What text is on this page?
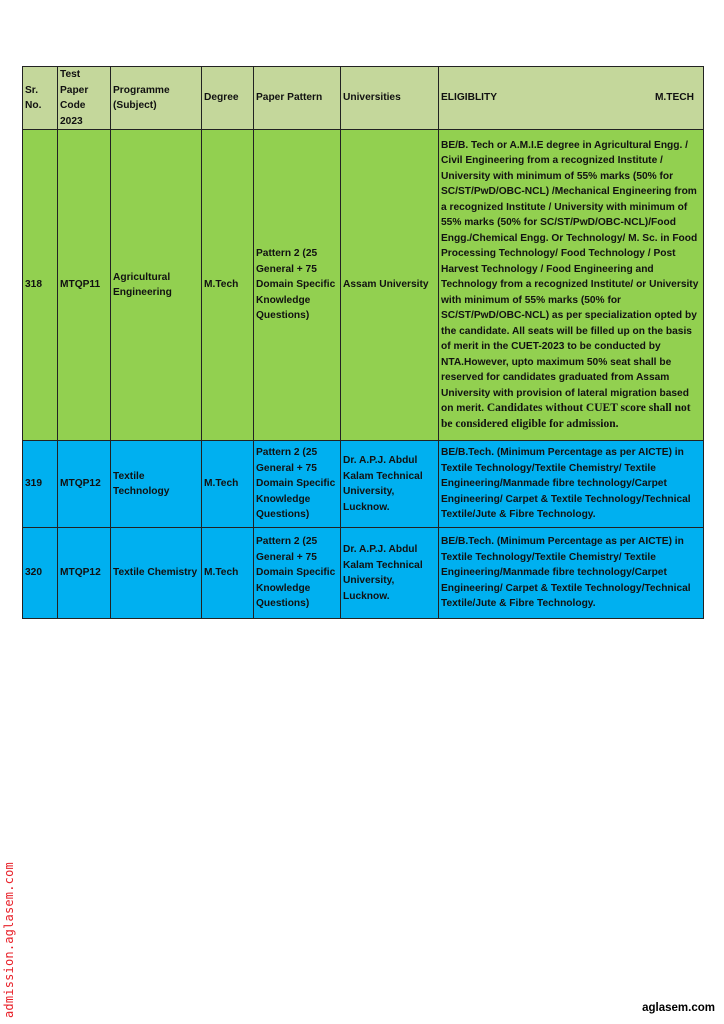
Sr. No.	Test Paper Code 2023	Programme (Subject)	Degree	Paper Pattern	Universities	ELIGIBLITY M.TECH

318	MTQP11	Agricultural Engineering	M.Tech	Pattern 2 (25 General + 75 Domain Specific Knowledge Questions)	Assam University	BE/B. Tech or A.M.I.E degree in Agricultural Engg. / Civil Engineering from a recognized Institute / University with minimum of 55% marks (50% for SC/ST/PwD/OBC-NCL) /Mechanical Engineering from a recognized Institute / University with minimum of 55% marks (50% for SC/ST/PwD/OBC-NCL)/Food Engg./Chemical Engg. Or Technology/ M. Sc. in Food Processing Technology/ Food Technology / Post Harvest Technology / Food Engineering and Technology from a recognized Institute/ or University with minimum of 55% marks (50% for SC/ST/PwD/OBC-NCL) as per specialization opted by the candidate. All seats will be filled up on the basis of merit in the CUET-2023 to be conducted by NTA.However, upto maximum 50% seat shall be reserved for candidates graduated from Assam University with provision of lateral migration based on merit. Candidates without CUET score shall not be considered eligible for admission.
319	MTQP12	Textile Technology	M.Tech	Pattern 2 (25 General + 75 Domain Specific Knowledge Questions)	Dr. A.P.J. Abdul Kalam Technical University, Lucknow.	BE/B.Tech. (Minimum Percentage as per AICTE) in Textile Technology/Textile Chemistry/ Textile Engineering/Manmade fibre technology/Carpet Engineering/ Carpet & Textile Technology/Technical Textile/Jute & Fibre Technology.
320	MTQP12	Textile Chemistry	M.Tech	Pattern 2 (25 General + 75 Domain Specific Knowledge Questions)	Dr. A.P.J. Abdul Kalam Technical University, Lucknow.	BE/B.Tech. (Minimum Percentage as per AICTE) in Textile Technology/Textile Chemistry/ Textile Engineering/Manmade fibre technology/Carpet Engineering/ Carpet & Textile Technology/Technical Textile/Jute & Fibre Technology.
admission.aglasem.com	aglasem.com
